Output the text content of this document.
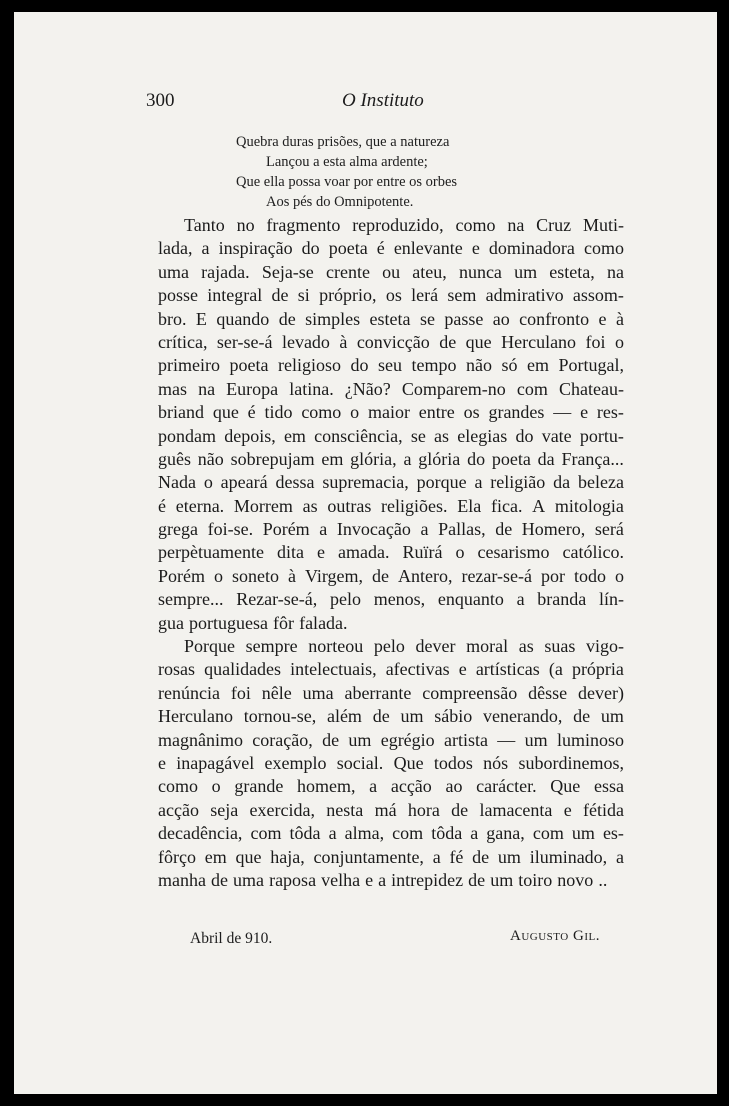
300	O Instituto
Quebra duras prisões, que a natureza
Lançou a esta alma ardente;
Que ella possa voar por entre os orbes
Aos pés do Omnipotente.
Tanto no fragmento reproduzido, como na Cruz Muti-
lada, a inspiração do poeta é enlevante e dominadora como
uma rajada. Seja-se crente ou ateu, nunca um esteta, na
posse integral de si próprio, os lerá sem admirativo assom-
bro. E quando de simples esteta se passe ao confronto e à
crítica, ser-se-á levado à convicção de que Herculano foi o
primeiro poeta religioso do seu tempo não só em Portugal,
mas na Europa latina. ¿Não? Comparem-no com Chateau-
briand que é tido como o maior entre os grandes — e res-
pondam depois, em consciência, se as elegias do vate portu-
guês não sobrepujam em glória, a glória do poeta da França...
Nada o apeará dessa supremacia, porque a religião da beleza
é eterna. Morrem as outras religiões. Ela fica. A mitologia
grega foi-se. Porém a Invocação a Pallas, de Homero, será
perpètuamente dita e amada. Ruïrá o cesarismo católico.
Porém o soneto à Virgem, de Antero, rezar-se-á por todo o
sempre... Rezar-se-á, pelo menos, enquanto a branda lín-
gua portuguesa fôr falada.
Porque sempre norteou pelo dever moral as suas vigo-
rosas qualidades intelectuais, afectivas e artísticas (a própria
renúncia foi nêle uma aberrante compreensão dêsse dever)
Herculano tornou-se, além de um sábio venerando, de um
magnânimo coração, de um egrégio artista — um luminoso
e inapagável exemplo social. Que todos nós subordinemos,
como o grande homem, a acção ao carácter. Que essa
acção seja exercida, nesta má hora de lamacenta e fétida
decadência, com tôda a alma, com tôda a gana, com um es-
fôrço em que haja, conjuntamente, a fé de um iluminado, a
manha de uma raposa velha e a intrepidez de um toiro novo ..
Abril de 910.	Augusto Gil.
